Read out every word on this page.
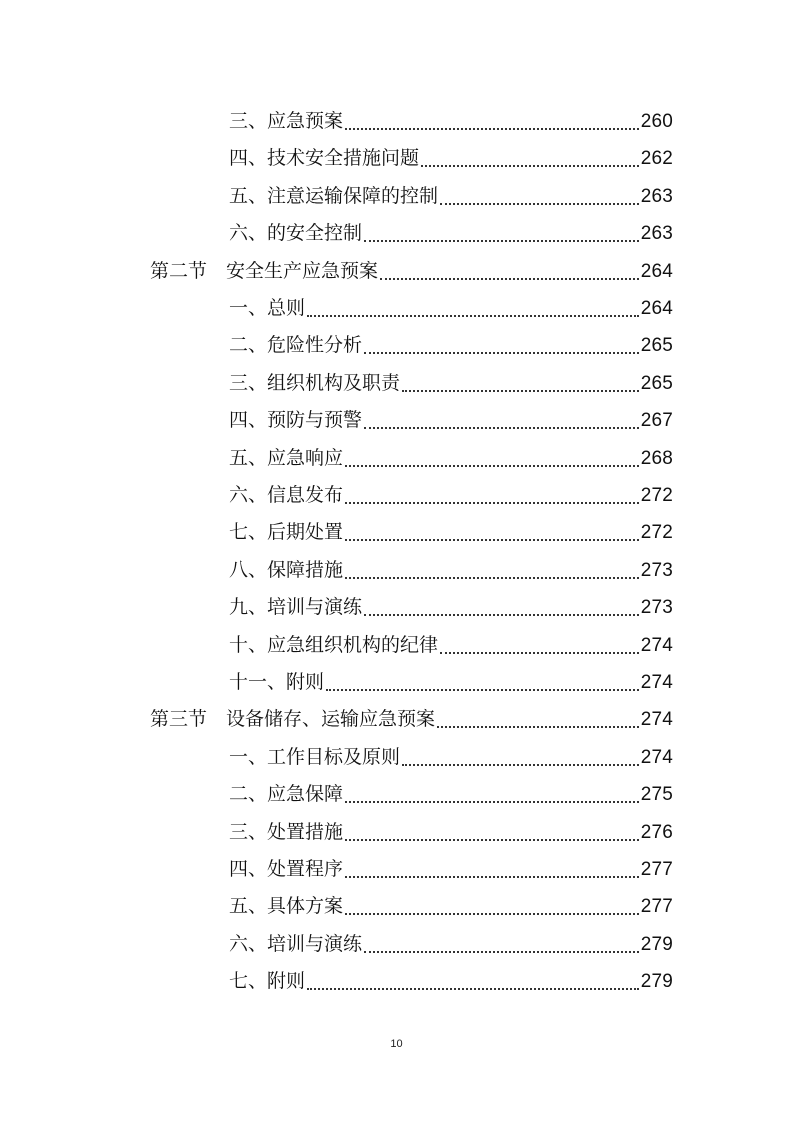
三、应急预案	260
四、技术安全措施问题	262
五、注意运输保障的控制	263
六、的安全控制	263
第二节 安全生产应急预案	264
一、总则	264
二、危险性分析	265
三、组织机构及职责	265
四、预防与预警	267
五、应急响应	268
六、信息发布	272
七、后期处置	272
八、保障措施	273
九、培训与演练	273
十、应急组织机构的纪律	274
十一、附则	274
第三节 设备储存、运输应急预案	274
一、工作目标及原则	274
二、应急保障	275
三、处置措施	276
四、处置程序	277
五、具体方案	277
六、培训与演练	279
七、附则	279
10
